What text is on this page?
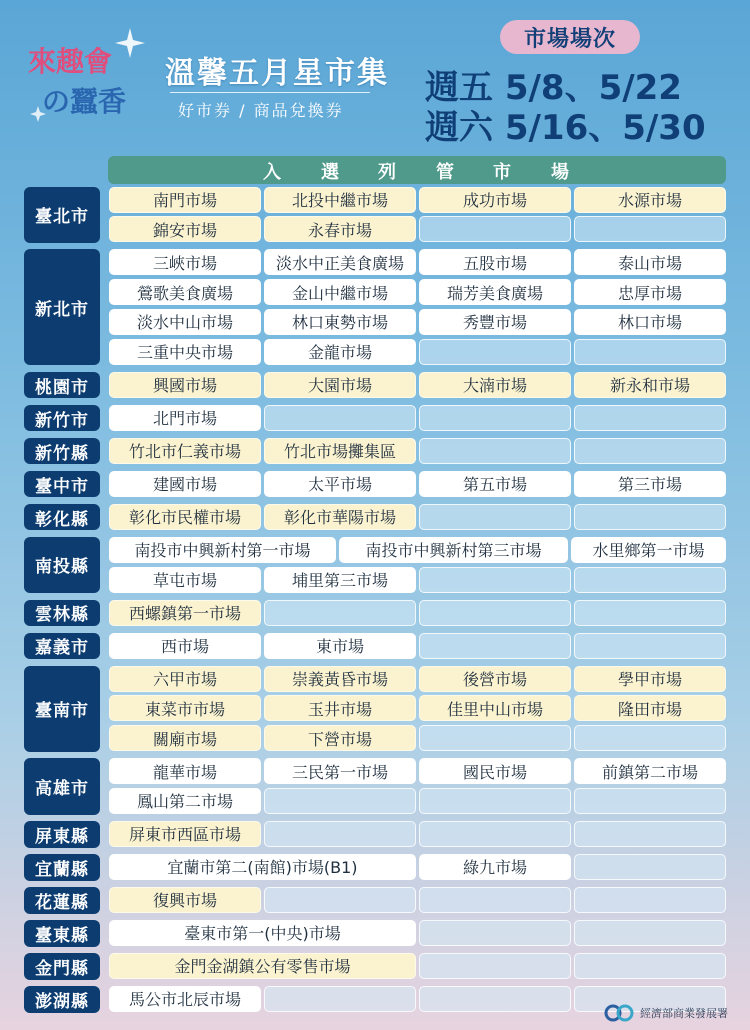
來趣會
の蠶香
溫馨五月星市集
好市券 / 商品兌換券
市場場次
週五 5/8、5/22
週六 5/16、5/30
入 選 列 管 市 場
臺北市
南門市場	北投中繼市場	成功市場	水源市場
錦安市場	永春市場
新北市
三峽市場	淡水中正美食廣場	五股市場	泰山市場
鶯歌美食廣場	金山中繼市場	瑞芳美食廣場	忠厚市場
淡水中山市場	林口東勢市場	秀豐市場	林口市場
三重中央市場	金龍市場
桃園市	興國市場	大園市場	大湳市場	新永和市場
新竹市	北門市場
新竹縣	竹北市仁義市場	竹北市場攤集區
臺中市	建國市場	太平市場	第五市場	第三市場
彰化縣	彰化市民權市場	彰化市華陽市場
南投縣
南投市中興新村第一市場	南投市中興新村第三市場	水里鄉第一市場
草屯市場	埔里第三市場
雲林縣	西螺鎮第一市場
嘉義市	西市場	東市場
臺南市
六甲市場	崇義黃昏市場	後營市場	學甲市場
東菜市市場	玉井市場	佳里中山市場	隆田市場
關廟市場	下營市場
高雄市
龍華市場	三民第一市場	國民市場	前鎮第二市場
鳳山第二市場
屏東縣	屏東市西區市場
宜蘭縣	宜蘭市第二(南館)市場(B1)	綠九市場
花蓮縣	復興市場
臺東縣	臺東市第一(中央)市場
金門縣	金門金湖鎮公有零售市場
澎湖縣	馬公市北辰市場
經濟部商業發展署
